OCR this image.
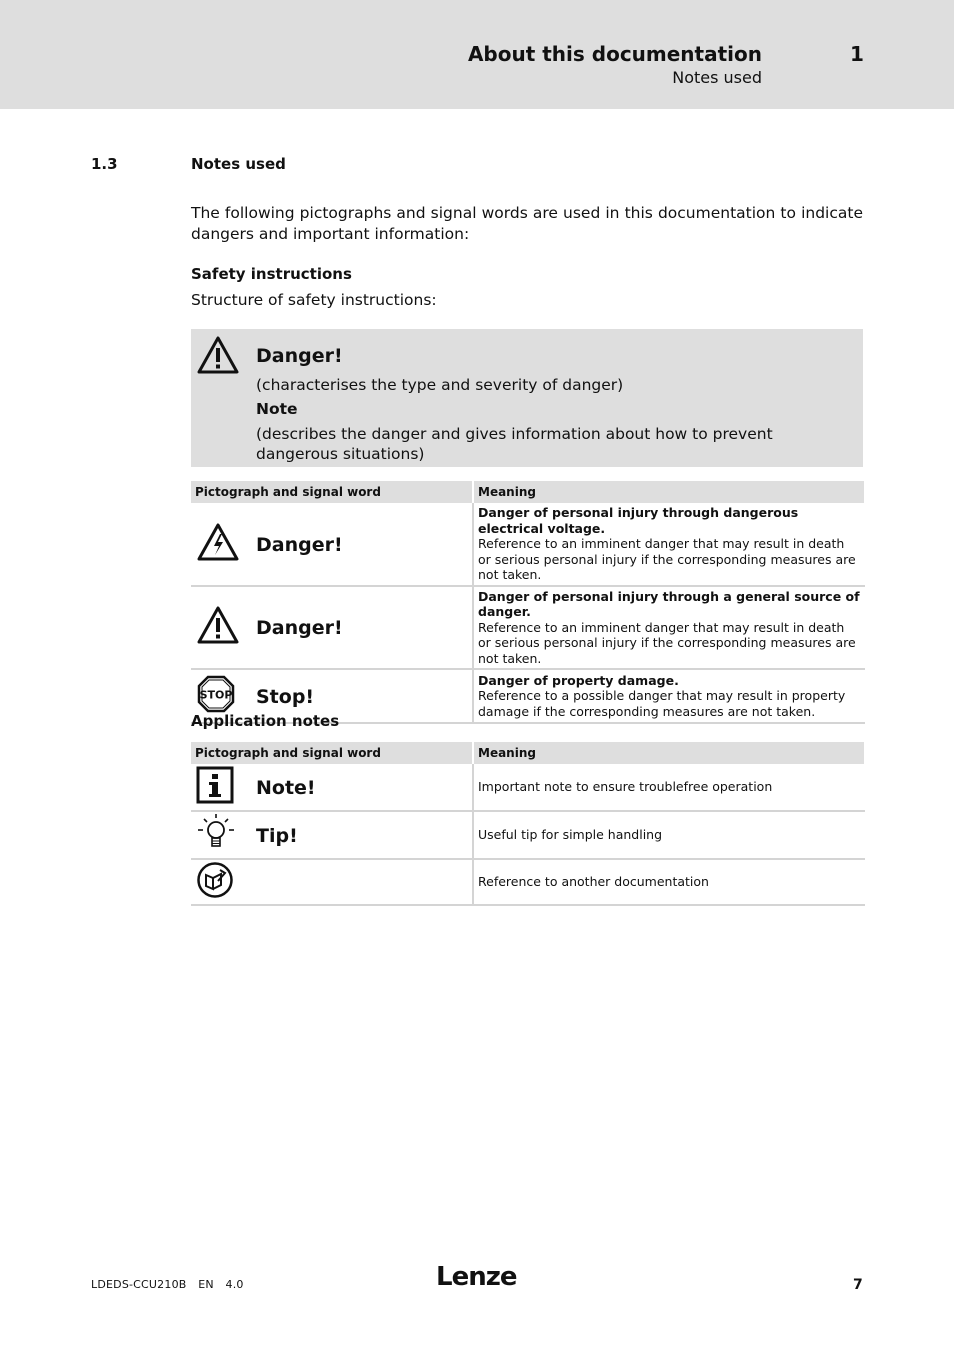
About this documentation
Notes used
1
1.3	Notes used
The following pictographs and signal words are used in this documentation to indicate dangers and important information:
Safety instructions
Structure of safety instructions:
Danger!
(characterises the type and severity of danger)
Note
(describes the danger and gives information about how to prevent dangerous situations)
Pictograph and signal word	Meaning

Danger!	Danger of personal injury through dangerous electrical voltage.
Reference to an imminent danger that may result in death or serious personal injury if the corresponding measures are not taken.

Danger!	Danger of personal injury through a general source of danger.
Reference to an imminent danger that may result in death or serious personal injury if the corresponding measures are not taken.

STOP Stop!	Danger of property damage.
Reference to a possible danger that may result in property damage if the corresponding measures are not taken.
Application notes
Pictograph and signal word	Meaning

Note!	Important note to ensure troublefree operation

Tip!	Useful tip for simple handling

	Reference to another documentation
LDEDS-CCU210B EN 4.0	Lenze	7
